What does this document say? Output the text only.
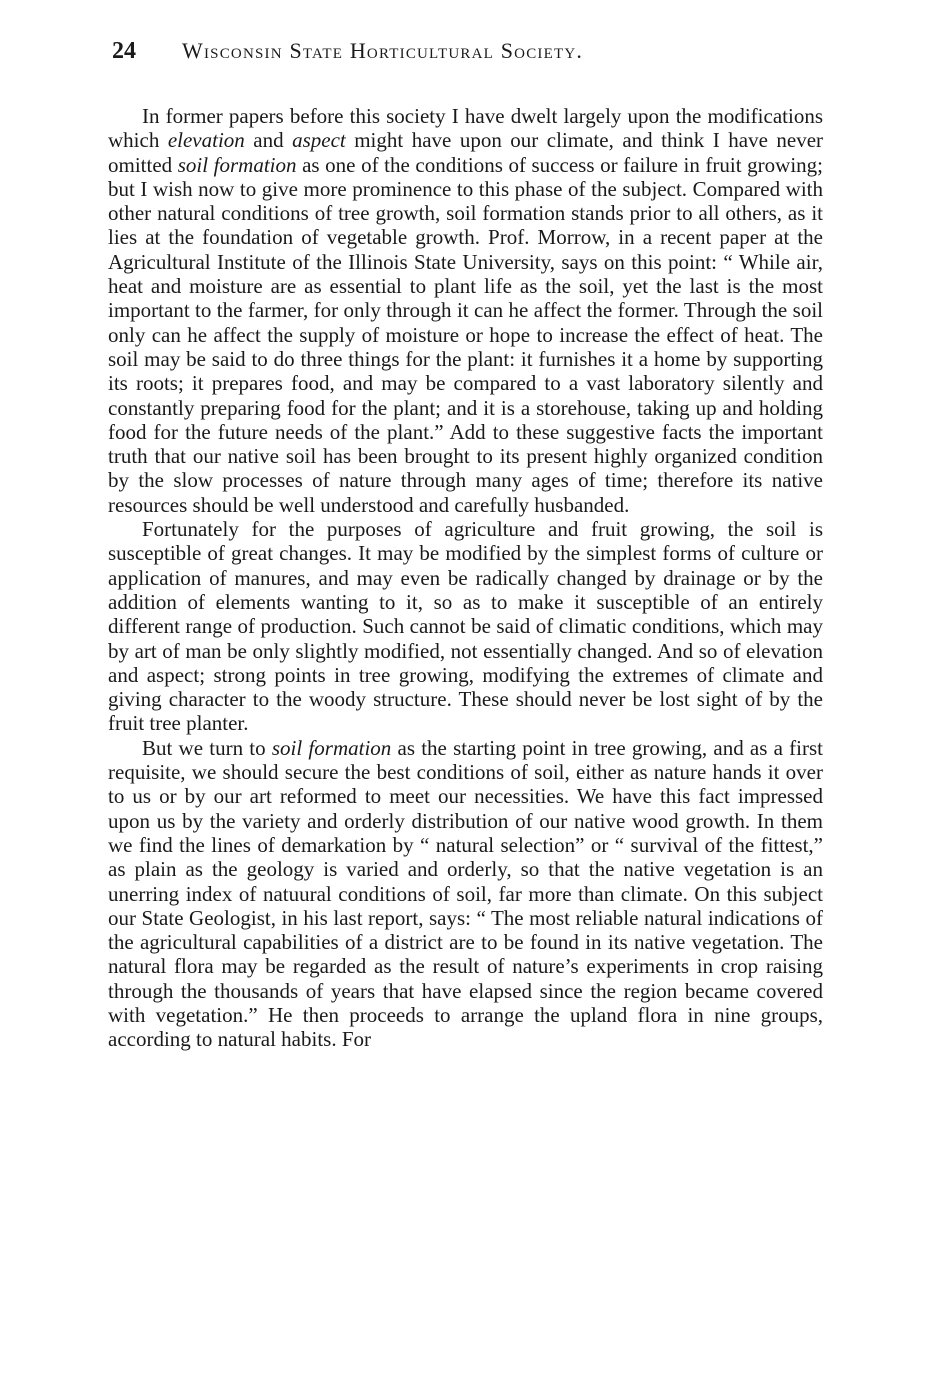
24	Wisconsin State Horticultural Society.

In former papers before this society I have dwelt largely upon the modifications which elevation and aspect might have upon our climate, and think I have never omitted soil formation as one of the conditions of success or failure in fruit growing; but I wish now to give more prominence to this phase of the subject. Compared with other natural conditions of tree growth, soil formation stands prior to all others, as it lies at the foundation of vegetable growth. Prof. Morrow, in a recent paper at the Agricultural Institute of the Illinois State University, says on this point: “ While air, heat and moisture are as essential to plant life as the soil, yet the last is the most important to the farmer, for only through it can he affect the former. Through the soil only can he affect the supply of moisture or hope to increase the effect of heat. The soil may be said to do three things for the plant: it furnishes it a home by supporting its roots; it prepares food, and may be compared to a vast laboratory silently and constantly preparing food for the plant; and it is a storehouse, taking up and holding food for the future needs of the plant.” Add to these suggestive facts the important truth that our native soil has been brought to its present highly organized condition by the slow processes of nature through many ages of time; therefore its native resources should be well understood and carefully husbanded.

Fortunately for the purposes of agriculture and fruit growing, the soil is susceptible of great changes. It may be modified by the simplest forms of culture or application of manures, and may even be radically changed by drainage or by the addition of elements wanting to it, so as to make it susceptible of an entirely different range of production. Such cannot be said of climatic conditions, which may by art of man be only slightly modified, not essentially changed. And so of elevation and aspect; strong points in tree growing, modifying the extremes of climate and giving character to the woody structure. These should never be lost sight of by the fruit tree planter.

But we turn to soil formation as the starting point in tree growing, and as a first requisite, we should secure the best conditions of soil, either as nature hands it over to us or by our art reformed to meet our necessities. We have this fact impressed upon us by the variety and orderly distribution of our native wood growth. In them we find the lines of demarkation by “ natural selection” or “ survival of the fittest,” as plain as the geology is varied and orderly, so that the native vegetation is an unerring index of natuural conditions of soil, far more than climate. On this subject our State Geologist, in his last report, says: “ The most reliable natural indications of the agricultural capabilities of a district are to be found in its native vegetation. The natural flora may be regarded as the result of nature’s experiments in crop raising through the thousands of years that have elapsed since the region became covered with vegetation.” He then proceeds to arrange the upland flora in nine groups, according to natural habits. For
